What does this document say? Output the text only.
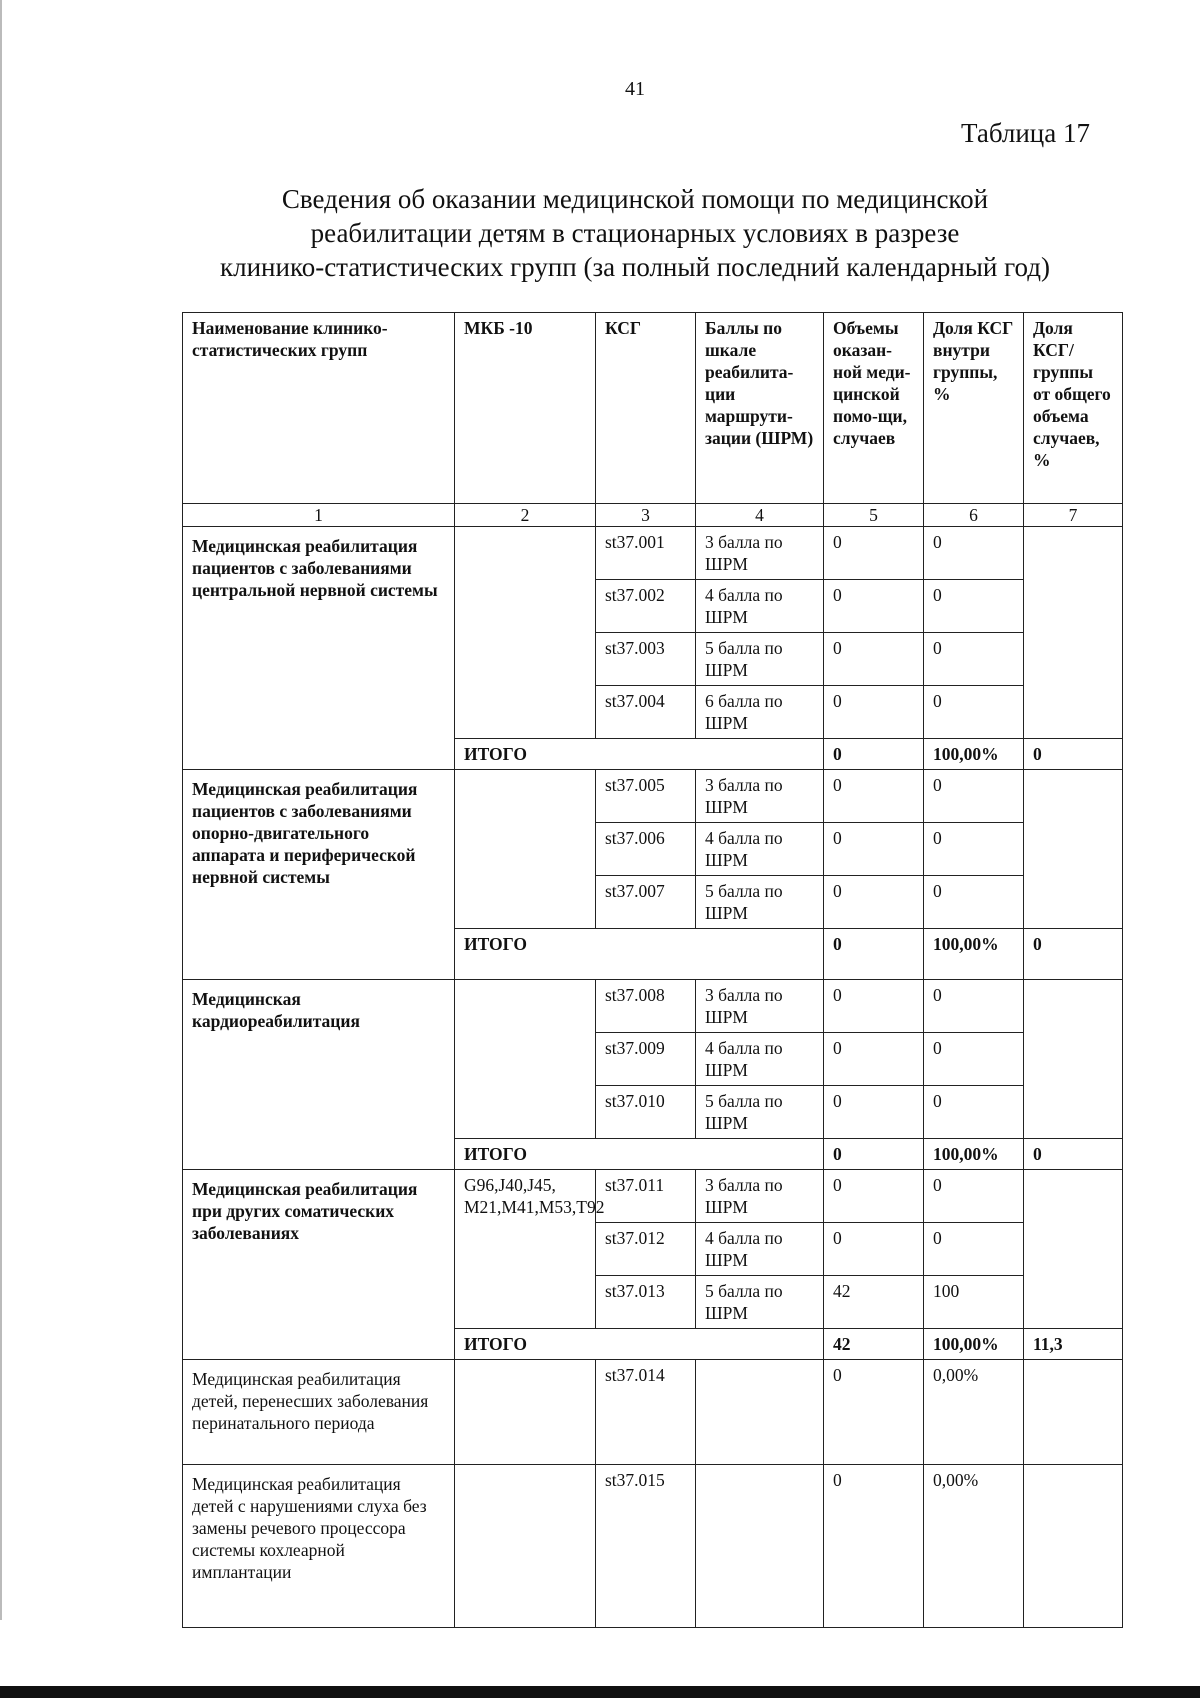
41
Таблица 17
Сведения об оказании медицинской помощи по медицинской
реабилитации детям в стационарных условиях в разрезе
клинико-статистических групп (за полный последний календарный год)
Наименование клинико-статистических групп	МКБ -10	КСГ	Баллы по шкале реабилита-ции маршрути-зации (ШРМ)	Объемы оказан-ной меди-цинской помо-щи, случаев	Доля КСГ внутри группы, %	Доля КСГ/ группы от общего объема случаев, %
1	2	3	4	5	6	7
Медицинская реабилитация пациентов с заболеваниями центральной нервной системы		st37.001	3 балла по ШРМ	0	0	
		st37.002	4 балла по ШРМ	0	0	
		st37.003	5 балла по ШРМ	0	0	
		st37.004	6 балла по ШРМ	0	0	
	ИТОГО			0	100,00%	0
Медицинская реабилитация пациентов с заболеваниями опорно-двигательного аппарата и периферической нервной системы		st37.005	3 балла по ШРМ	0	0	
		st37.006	4 балла по ШРМ	0	0	
		st37.007	5 балла по ШРМ	0	0	
	ИТОГО			0	100,00%	0
Медицинская кардиореабилитация		st37.008	3 балла по ШРМ	0	0	
		st37.009	4 балла по ШРМ	0	0	
		st37.010	5 балла по ШРМ	0	0	
	ИТОГО			0	100,00%	0
Медицинская реабилитация при других соматических заболеваниях	G96,J40,J45, M21,M41,M53,T92	st37.011	3 балла по ШРМ	0	0	
		st37.012	4 балла по ШРМ	0	0	
		st37.013	5 балла по ШРМ	42	100	
	ИТОГО			42	100,00%	11,3
Медицинская реабилитация детей, перенесших заболевания перинатального периода		st37.014		0	0,00%	
Медицинская реабилитация детей с нарушениями слуха без замены речевого процессора системы кохлеарной имплантации		st37.015		0	0,00%	
